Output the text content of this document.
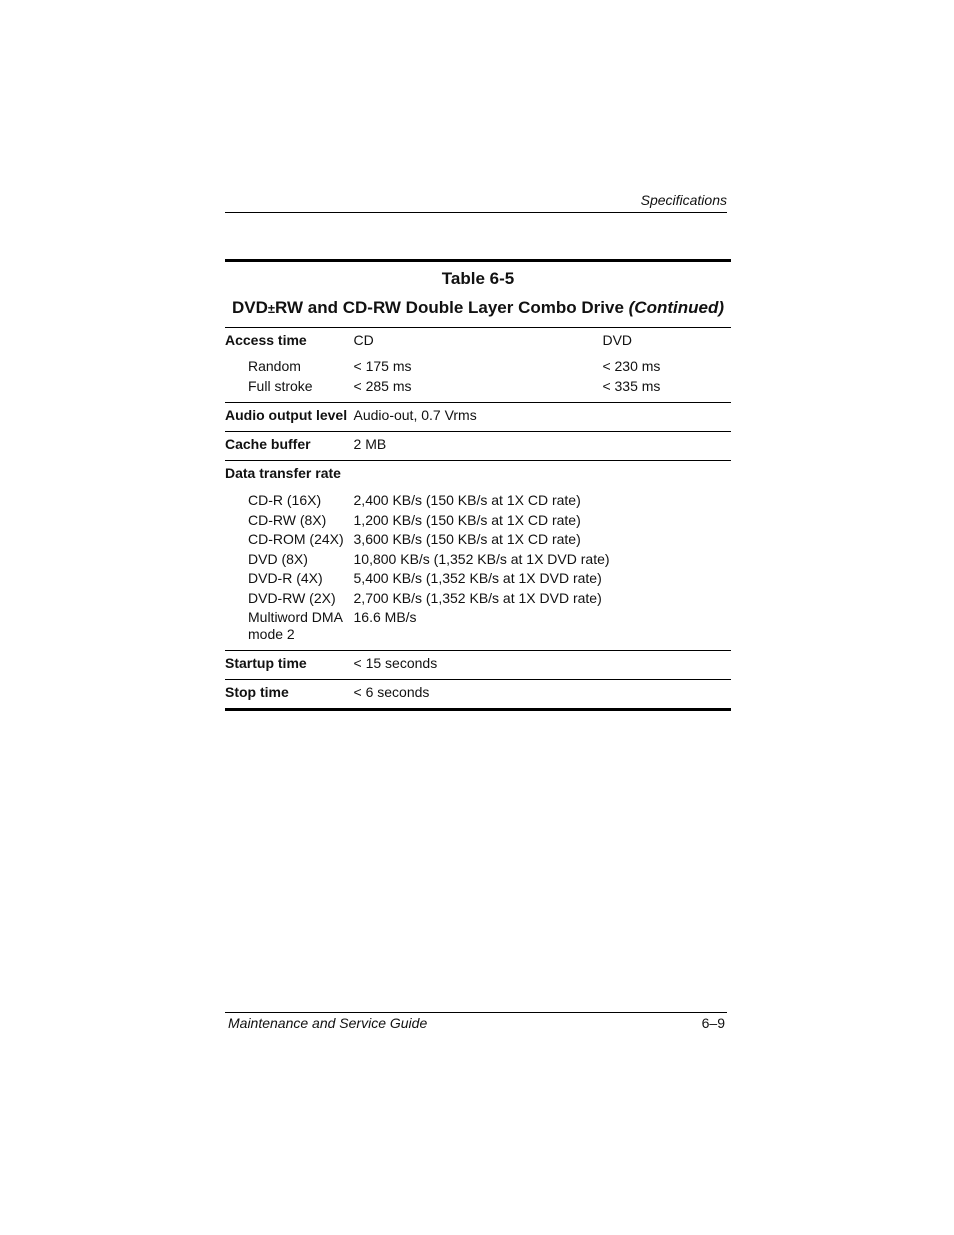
Specifications
Table 6-5
DVD±RW and CD-RW Double Layer Combo Drive (Continued)
Access time	CD	DVD
Random	< 175 ms	< 230 ms
Full stroke	< 285 ms	< 335 ms
Audio output level	Audio-out, 0.7 Vrms	
Cache buffer	2 MB	
Data transfer rate		
CD-R (16X)	2,400 KB/s (150 KB/s at 1X CD rate)	
CD-RW (8X)	1,200 KB/s (150 KB/s at 1X CD rate)	
CD-ROM (24X)	3,600 KB/s (150 KB/s at 1X CD rate)	
DVD (8X)	10,800 KB/s (1,352 KB/s at 1X DVD rate)	
DVD-R (4X)	5,400 KB/s (1,352 KB/s at 1X DVD rate)	
DVD-RW (2X)	2,700 KB/s (1,352 KB/s at 1X DVD rate)	
Multiword DMA mode 2	16.6 MB/s	
Startup time	< 15 seconds	
Stop time	< 6 seconds	
Maintenance and Service Guide	6–9
